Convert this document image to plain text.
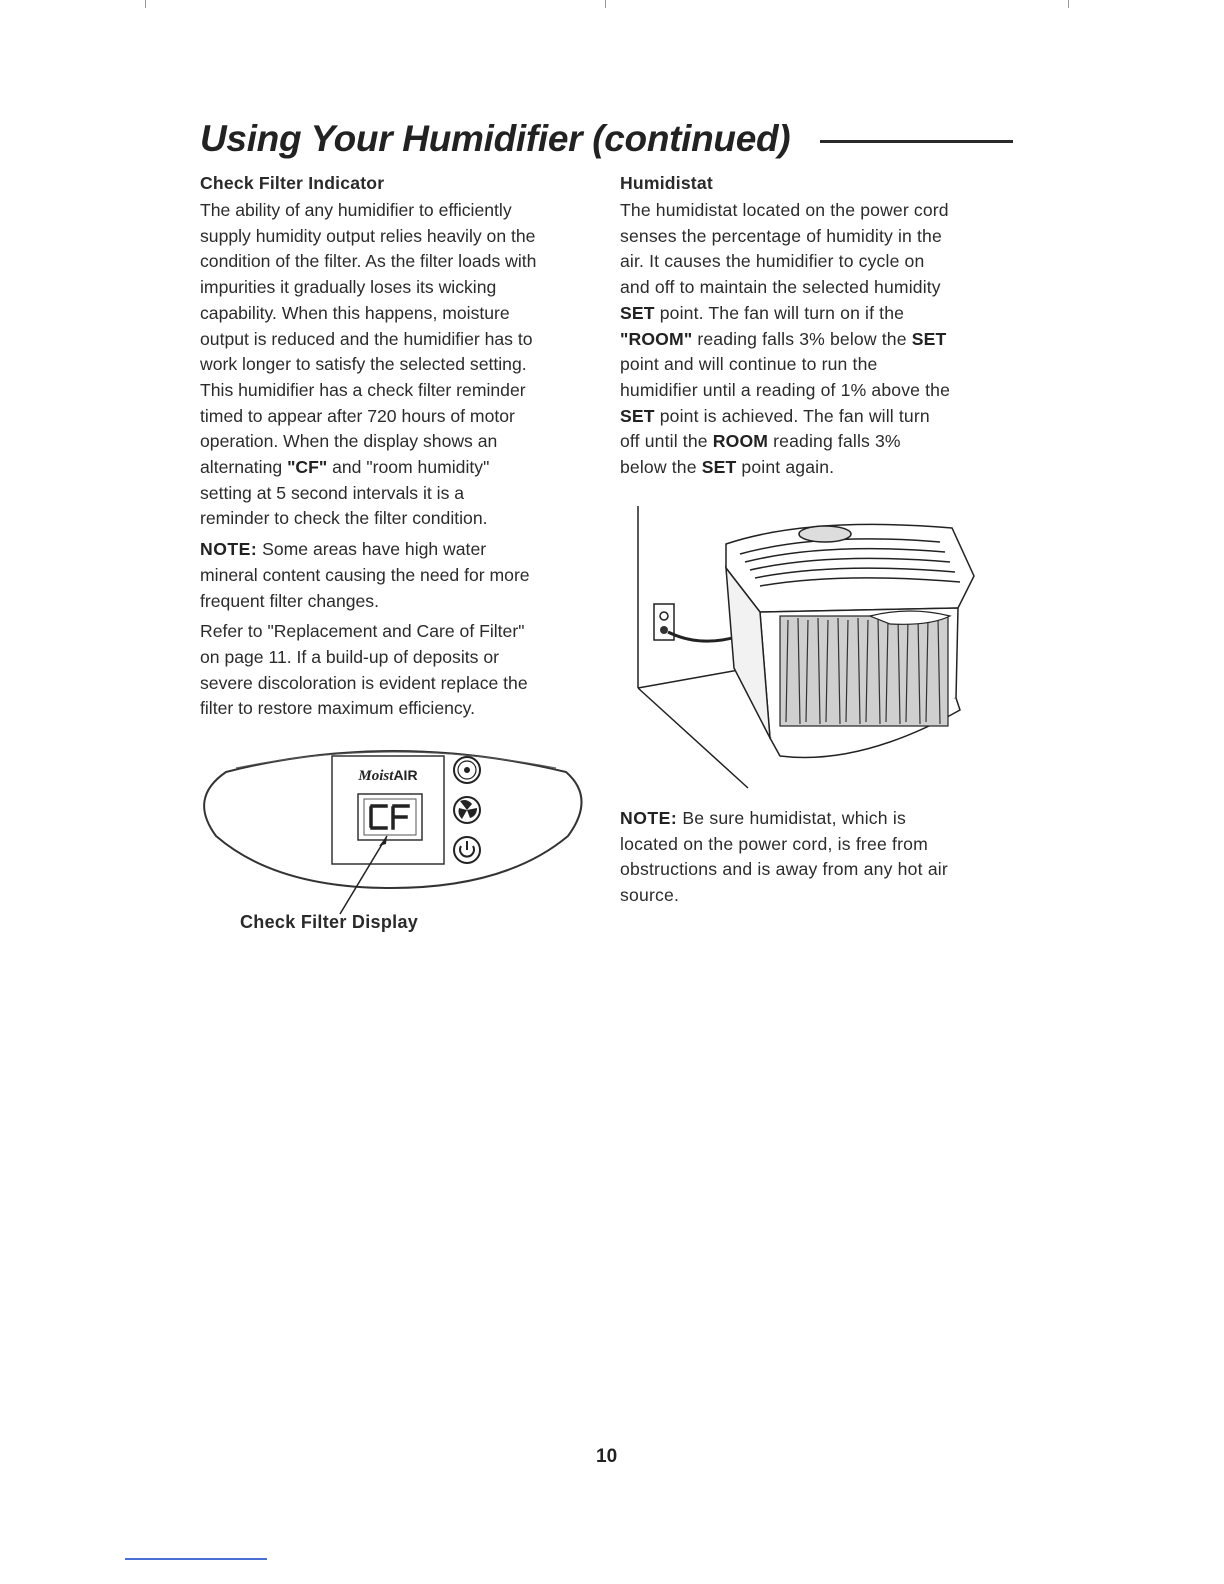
Using Your Humidifier (continued)
Check Filter Indicator
The ability of any humidifier to efficiently
supply humidity output relies heavily on the
condition of the filter. As the filter loads with
impurities it gradually loses its wicking
capability. When this happens, moisture
output is reduced and the humidifier has to
work longer to satisfy the selected setting.
This humidifier has a check filter reminder
timed to appear after 720 hours of motor
operation. When the display shows an
alternating "CF" and "room humidity"
setting at 5 second intervals it is a
reminder to check the filter condition.
NOTE: Some areas have high water
mineral content causing the need for more
frequent filter changes.
Refer to "Replacement and Care of Filter"
on page 11. If a build-up of deposits or
severe discoloration is evident replace the
filter to restore maximum efficiency.
MoistAIR
Check Filter Display
Humidistat
The humidistat located on the power cord
senses the percentage of humidity in the
air. It causes the humidifier to cycle on
and off to maintain the selected humidity
SET point. The fan will turn on if the
"ROOM" reading falls 3% below the SET
point and will continue to run the
humidifier until a reading of 1% above the
SET point is achieved. The fan will turn
off until the ROOM reading falls 3%
below the SET point again.
NOTE: Be sure humidistat, which is
located on the power cord, is free from
obstructions and is away from any hot air
source.
10
